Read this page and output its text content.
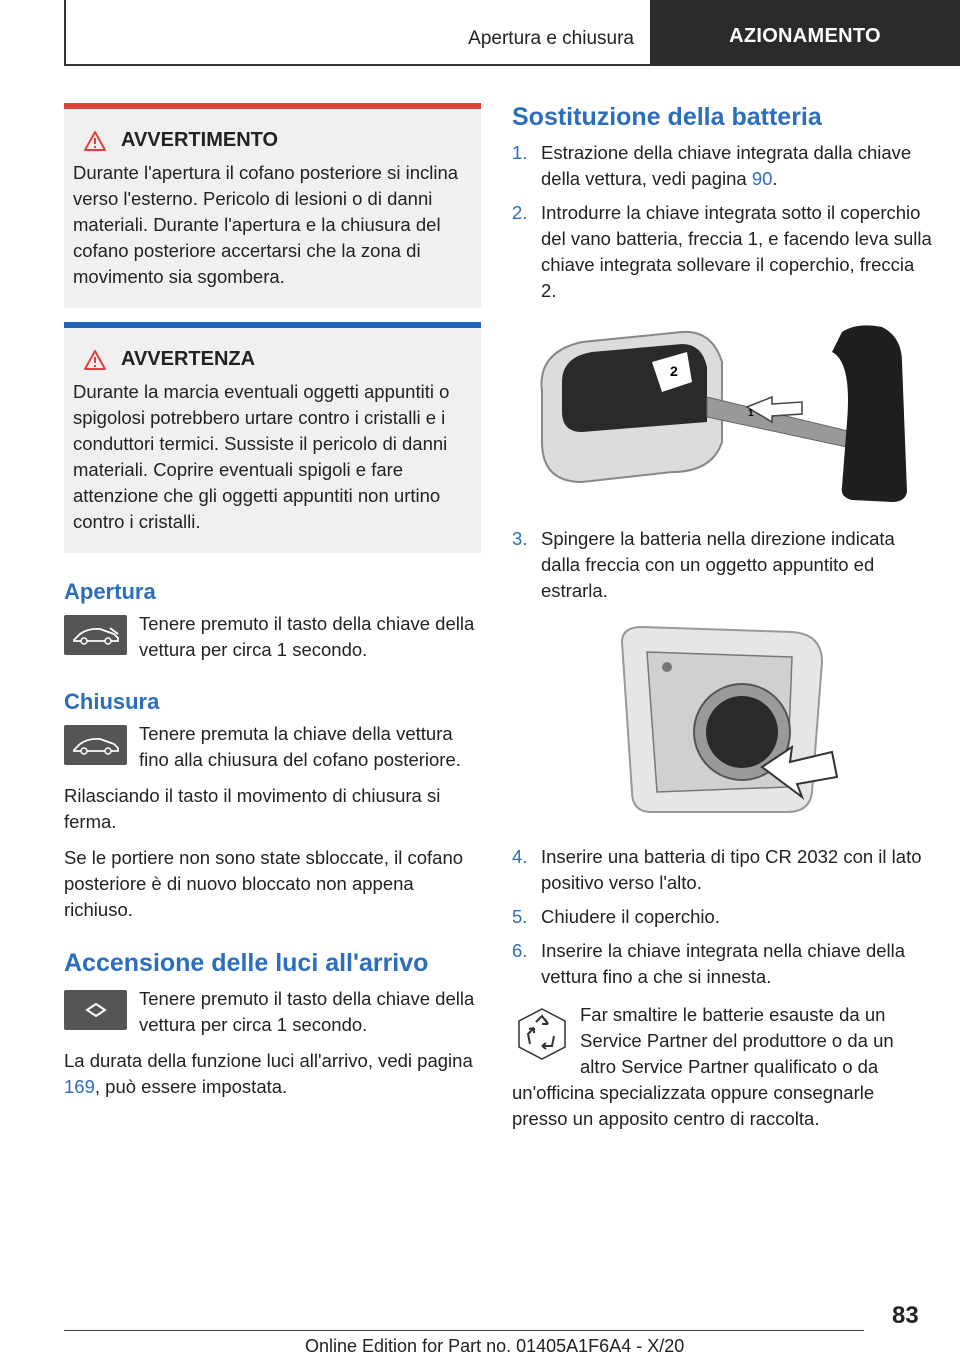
Apertura e chiusura	AZIONAMENTO
AVVERTIMENTO
Durante l'apertura il cofano posteriore si inclina verso l'esterno. Pericolo di lesioni o di danni materiali. Durante l'apertura e la chiusura del cofano posteriore accertarsi che la zona di movimento sia sgombera.
AVVERTENZA
Durante la marcia eventuali oggetti appuntiti o spigolosi potrebbero urtare contro i cristalli e i conduttori termici. Sussiste il pericolo di danni materiali. Coprire eventuali spigoli e fare attenzione che gli oggetti appuntiti non urtino contro i cristalli.
Apertura
Tenere premuto il tasto della chiave della vettura per circa 1 secondo.
Chiusura
Tenere premuta la chiave della vettura fino alla chiusura del cofano posteriore.

Rilasciando il tasto il movimento di chiusura si ferma.

Se le portiere non sono state sbloccate, il cofano posteriore è di nuovo bloccato non appena richiuso.

Accensione delle luci all'arrivo
Tenere premuto il tasto della chiave della vettura per circa 1 secondo.

La durata della funzione luci all'arrivo, vedi pagina 169, può essere impostata.

Sostituzione della batteria
1. Estrazione della chiave integrata dalla chiave della vettura, vedi pagina 90.
2. Introdurre la chiave integrata sotto il coperchio del vano batteria, freccia 1, e facendo leva sulla chiave integrata sollevare il coperchio, freccia 2.
2
1
3. Spingere la batteria nella direzione indicata dalla freccia con un oggetto appuntito ed estrarla.
4. Inserire una batteria di tipo CR 2032 con il lato positivo verso l'alto.
5. Chiudere il coperchio.
6. Inserire la chiave integrata nella chiave della vettura fino a che si innesta.
Far smaltire le batterie esauste da un Service Partner del produttore o da un altro Service Partner qualificato o da un'officina specializzata oppure consegnarle presso un apposito centro di raccolta.
83
Online Edition for Part no. 01405A1F6A4 - X/20
